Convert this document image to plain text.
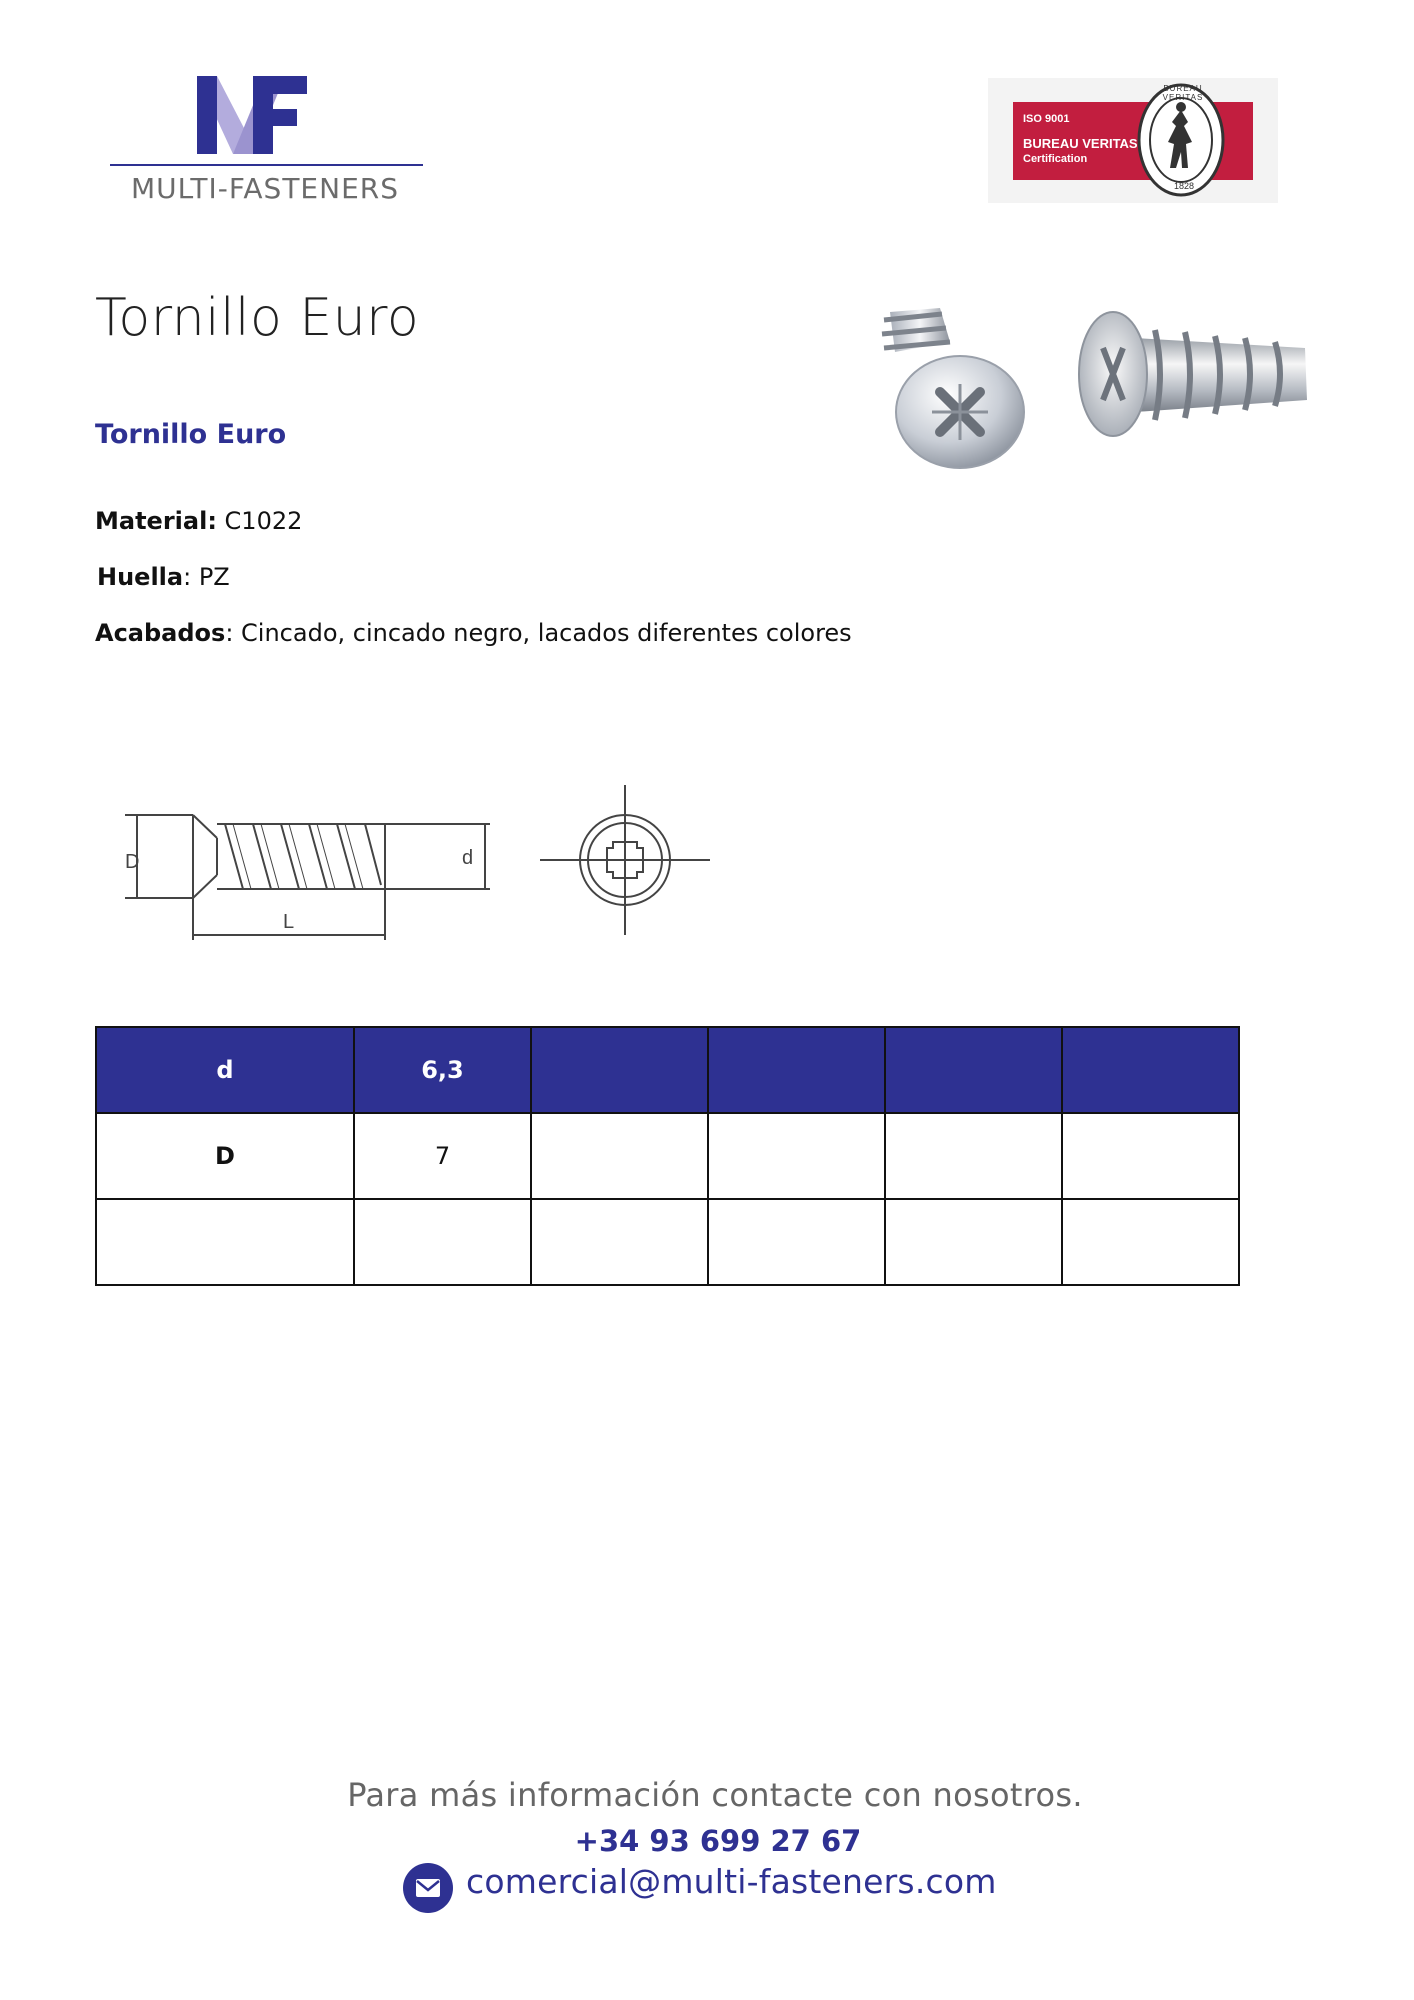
MULTI-FASTENERS
ISO 9001
BUREAU VERITAS
Certification
BUREAU VERITAS
1828
Tornillo Euro
Tornillo Euro
Material: C1022
Huella: PZ
Acabados: Cincado, cincado negro, lacados diferentes colores
D
L
d
d	6,3				
D	7				

Para más información contacte con nosotros.
+34 93 699 27 67
comercial@multi-fasteners.com
